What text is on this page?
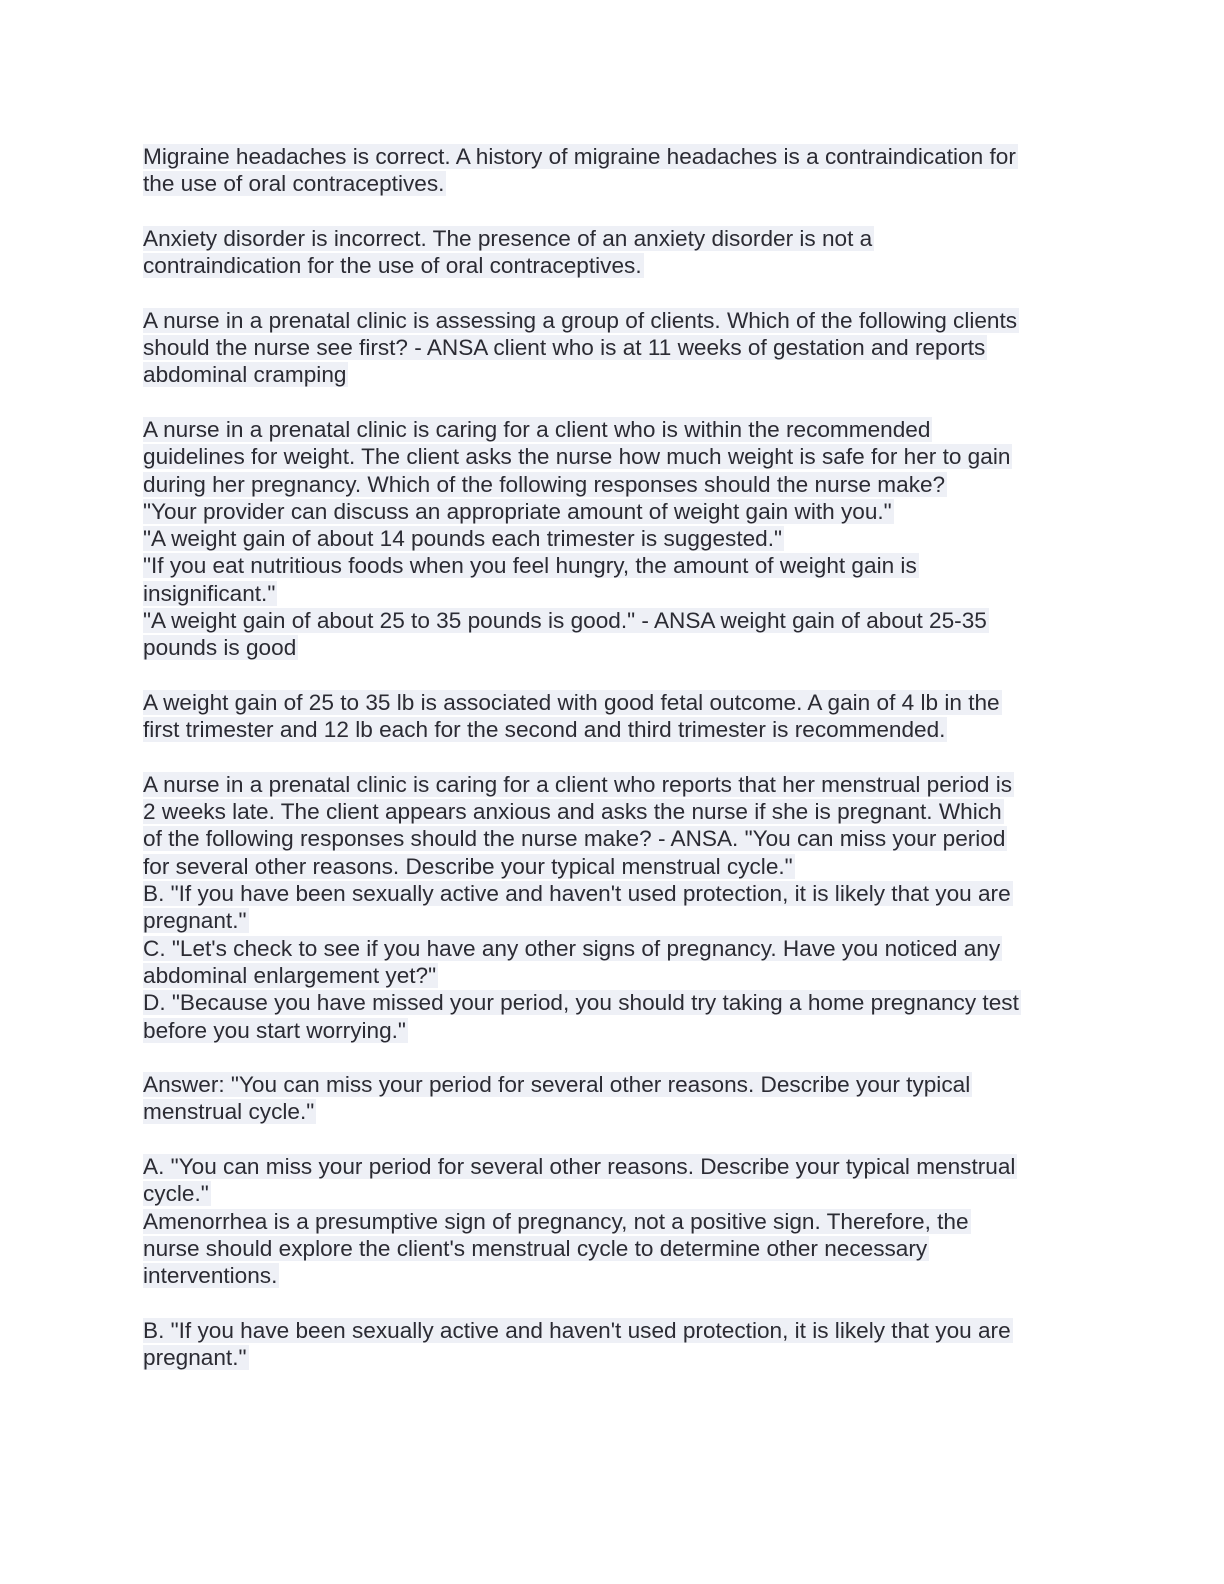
Migraine headaches is correct. A history of migraine headaches is a contraindication for
the use of oral contraceptives.

Anxiety disorder is incorrect. The presence of an anxiety disorder is not a
contraindication for the use of oral contraceptives.

A nurse in a prenatal clinic is assessing a group of clients. Which of the following clients
should the nurse see first? - ANSA client who is at 11 weeks of gestation and reports
abdominal cramping

A nurse in a prenatal clinic is caring for a client who is within the recommended
guidelines for weight. The client asks the nurse how much weight is safe for her to gain
during her pregnancy. Which of the following responses should the nurse make?
"Your provider can discuss an appropriate amount of weight gain with you."
"A weight gain of about 14 pounds each trimester is suggested."
"If you eat nutritious foods when you feel hungry, the amount of weight gain is
insignificant."
"A weight gain of about 25 to 35 pounds is good." - ANSA weight gain of about 25-35
pounds is good

A weight gain of 25 to 35 lb is associated with good fetal outcome. A gain of 4 lb in the
first trimester and 12 lb each for the second and third trimester is recommended.

A nurse in a prenatal clinic is caring for a client who reports that her menstrual period is
2 weeks late. The client appears anxious and asks the nurse if she is pregnant. Which
of the following responses should the nurse make? - ANSA. "You can miss your period
for several other reasons. Describe your typical menstrual cycle."
B. "If you have been sexually active and haven't used protection, it is likely that you are
pregnant."
C. "Let's check to see if you have any other signs of pregnancy. Have you noticed any
abdominal enlargement yet?"
D. "Because you have missed your period, you should try taking a home pregnancy test
before you start worrying."

Answer: "You can miss your period for several other reasons. Describe your typical
menstrual cycle."

A. "You can miss your period for several other reasons. Describe your typical menstrual
cycle."
Amenorrhea is a presumptive sign of pregnancy, not a positive sign. Therefore, the
nurse should explore the client's menstrual cycle to determine other necessary
interventions.

B. "If you have been sexually active and haven't used protection, it is likely that you are
pregnant."
